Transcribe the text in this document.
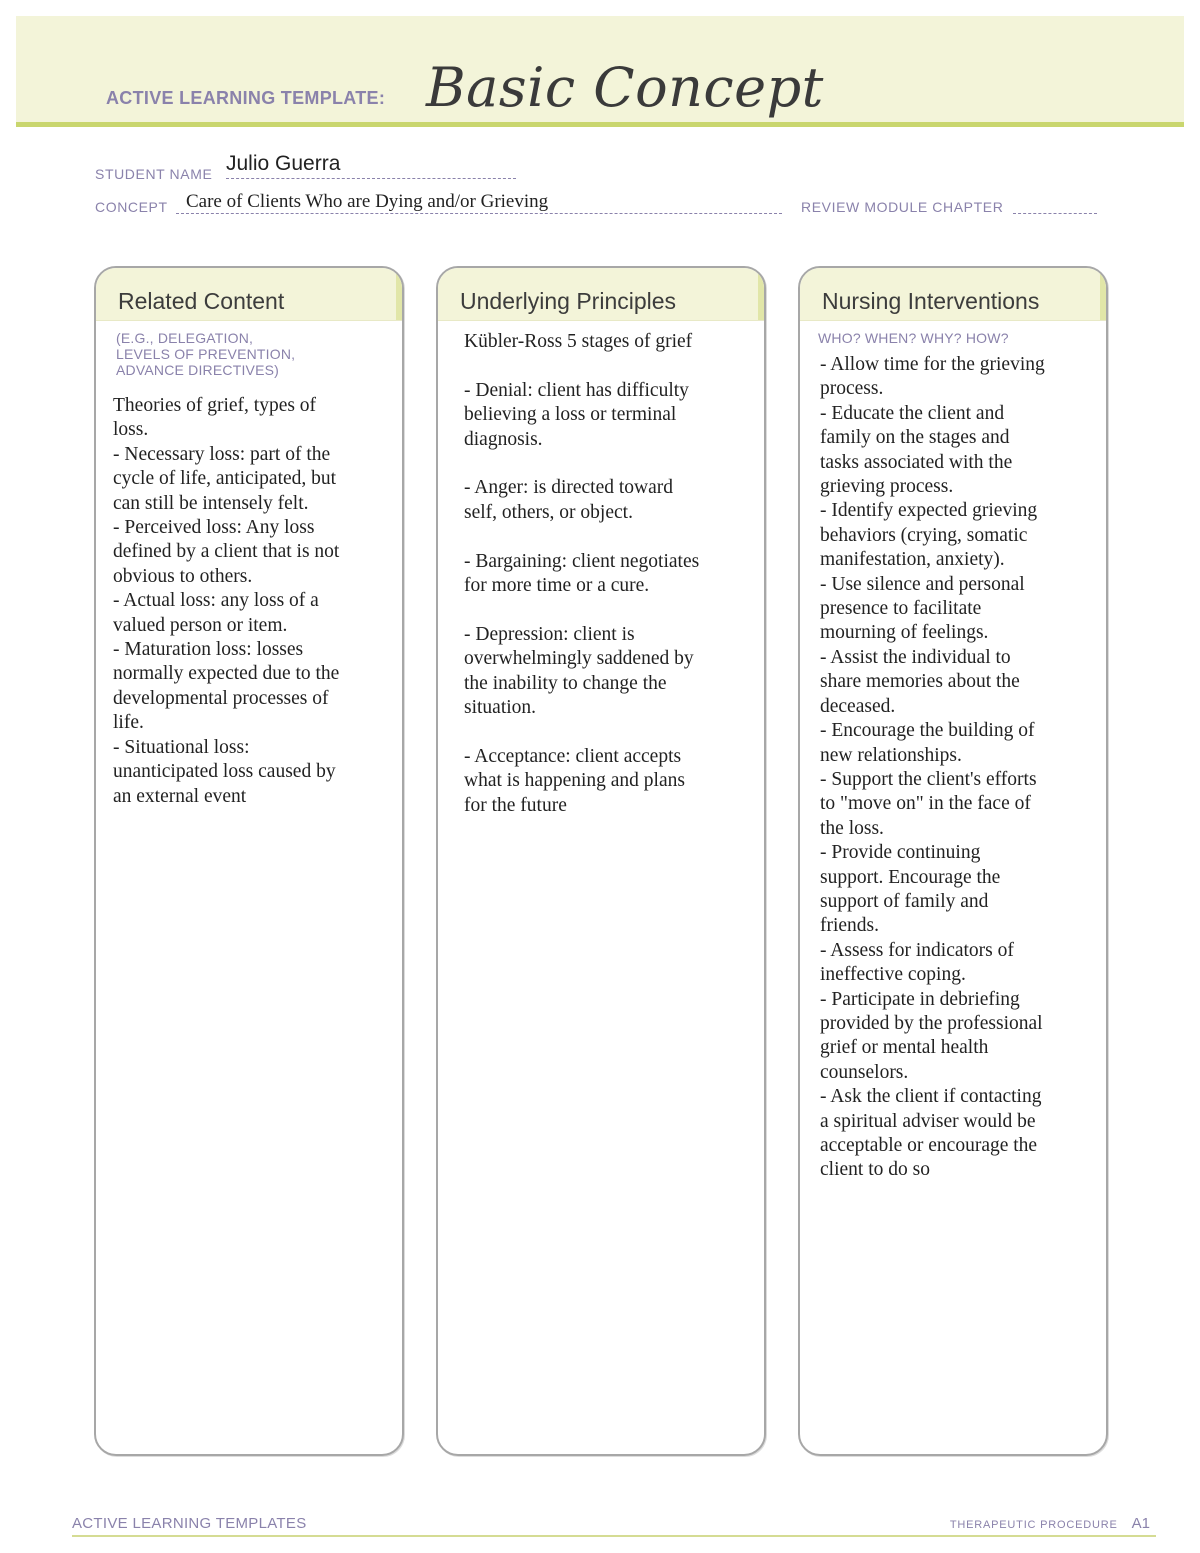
ACTIVE LEARNING TEMPLATE: Basic Concept
STUDENT NAME Julio Guerra
CONCEPT Care of Clients Who are Dying and/or Grieving	REVIEW MODULE CHAPTER
Related Content
(E.G., DELEGATION,
LEVELS OF PREVENTION,
ADVANCE DIRECTIVES)
Theories of grief, types of
loss.
- Necessary loss: part of the
cycle of life, anticipated, but
can still be intensely felt.
- Perceived loss: Any loss
defined by a client that is not
obvious to others.
- Actual loss: any loss of a
valued person or item.
- Maturation loss: losses
normally expected due to the
developmental processes of
life.
- Situational loss:
unanticipated loss caused by
an external event
Underlying Principles
Kübler-Ross 5 stages of grief

- Denial: client has difficulty
believing a loss or terminal
diagnosis.

- Anger: is directed toward
self, others, or object.

- Bargaining: client negotiates
for more time or a cure.

- Depression: client is
overwhelmingly saddened by
the inability to change the
situation.

- Acceptance: client accepts
what is happening and plans
for the future
Nursing Interventions
WHO? WHEN? WHY? HOW?
- Allow time for the grieving
process.
- Educate the client and
family on the stages and
tasks associated with the
grieving process.
- Identify expected grieving
behaviors (crying, somatic
manifestation, anxiety).
- Use silence and personal
presence to facilitate
mourning of feelings.
- Assist the individual to
share memories about the
deceased.
- Encourage the building of
new relationships.
- Support the client's efforts
to "move on" in the face of
the loss.
- Provide continuing
support. Encourage the
support of family and
friends.
- Assess for indicators of
ineffective coping.
- Participate in debriefing
provided by the professional
grief or mental health
counselors.
- Ask the client if contacting
a spiritual adviser would be
acceptable or encourage the
client to do so
ACTIVE LEARNING TEMPLATES	THERAPEUTIC PROCEDURE A1
